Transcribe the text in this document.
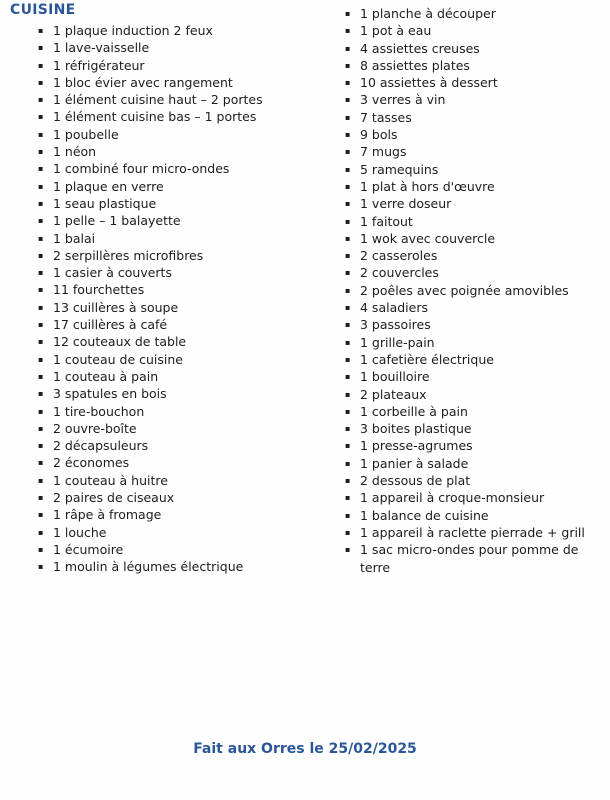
CUISINE
▪ 1 plaque induction 2 feux
▪ 1 lave-vaisselle
▪ 1 réfrigérateur
▪ 1 bloc évier avec rangement
▪ 1 élément cuisine haut – 2 portes
▪ 1 élément cuisine bas – 1 portes
▪ 1 poubelle
▪ 1 néon
▪ 1 combiné four micro-ondes
▪ 1 plaque en verre
▪ 1 seau plastique
▪ 1 pelle – 1 balayette
▪ 1 balai
▪ 2 serpillères microfibres
▪ 1 casier à couverts
▪ 11 fourchettes
▪ 13 cuillères à soupe
▪ 17 cuillères à café
▪ 12 couteaux de table
▪ 1 couteau de cuisine
▪ 1 couteau à pain
▪ 3 spatules en bois
▪ 1 tire-bouchon
▪ 2 ouvre-boîte
▪ 2 décapsuleurs
▪ 2 économes
▪ 1 couteau à huitre
▪ 2 paires de ciseaux
▪ 1 râpe à fromage
▪ 1 louche
▪ 1 écumoire
▪ 1 moulin à légumes électrique
▪ 1 planche à découper
▪ 1 pot à eau
▪ 4 assiettes creuses
▪ 8 assiettes plates
▪ 10 assiettes à dessert
▪ 3 verres à vin
▪ 7 tasses
▪ 9 bols
▪ 7 mugs
▪ 5 ramequins
▪ 1 plat à hors d'œuvre
▪ 1 verre doseur
▪ 1 faitout
▪ 1 wok avec couvercle
▪ 2 casseroles
▪ 2 couvercles
▪ 2 poêles avec poignée amovibles
▪ 4 saladiers
▪ 3 passoires
▪ 1 grille-pain
▪ 1 cafetière électrique
▪ 1 bouilloire
▪ 2 plateaux
▪ 1 corbeille à pain
▪ 3 boites plastique
▪ 1 presse-agrumes
▪ 1 panier à salade
▪ 2 dessous de plat
▪ 1 appareil à croque-monsieur
▪ 1 balance de cuisine
▪ 1 appareil à raclette pierrade + grill
▪ 1 sac micro-ondes pour pomme de terre
Fait aux Orres le 25/02/2025
